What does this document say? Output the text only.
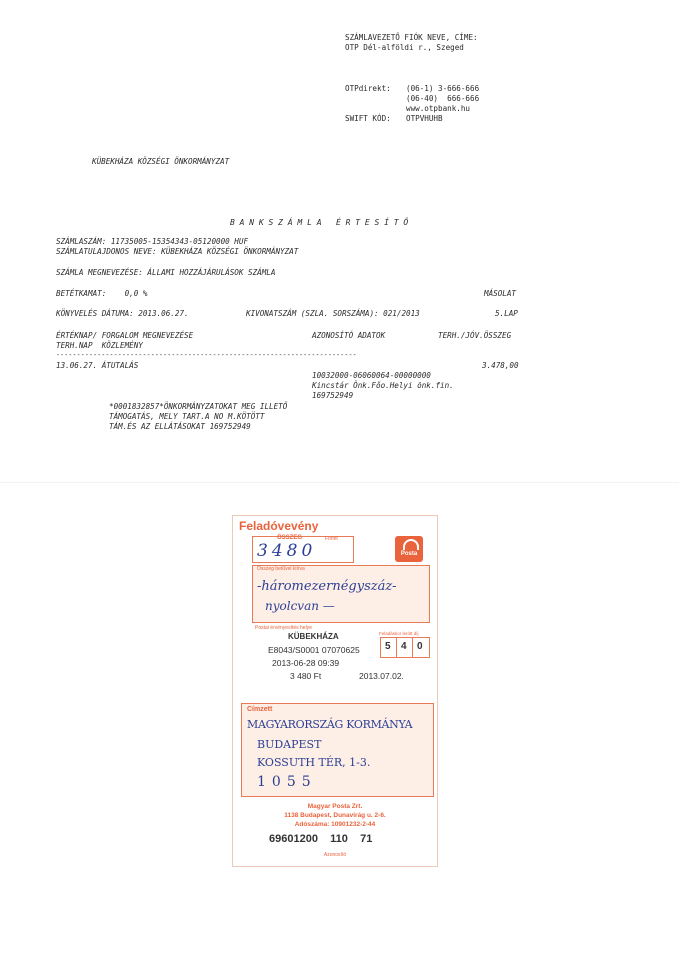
SZÁMLAVEZETŐ FIÓK NEVE, CÍME:
OTP Dél-alföldi r., Szeged
OTPdirekt: (06-1) 3-666-666
(06-40)  666-666
www.otpbank.hu
SWIFT KÓD: OTPVHUHB
KÜBEKHÁZA KÖZSÉGI ÖNKORMÁNYZAT
B A N K S Z Á M L A   É R T E S Í T Ő
SZÁMLASZÁM: 11735005-15354343-05120000 HUF
SZÁMLATULAJDONOS NEVE: KÜBEKHÁZA KÖZSÉGI ÖNKORMÁNYZAT
SZÁMLA MEGNEVEZÉSE: ÁLLAMI HOZZÁJÁRULÁSOK SZÁMLA
BETÉTKAMAT:    0,0 %	MÁSOLAT
KÖNYVELÉS DÁTUMA: 2013.06.27.	KIVONATSZÁM (SZLA. SORSZÁMA): 021/2013	5.LAP
ÉRTÉKNAP/ FORGALOM MEGNEVEZÉSE
TERH.NAP  KÖZLEMÉNY
AZONOSÍTÓ ADATOK	TERH./JÓV.ÖSSZEG
-------------------------------------------------------------------------
13.06.27. ÁTUTALÁS	3.478,00
10032000-06060064-00000000
Kincstár Önk.Főo.Helyi önk.fin.
169752949
*0001832857*ÖNKORMÁNYZATOKAT MEG ILLETŐ
TÁMOGATÁS, MELY TART.A NO M.KÖTÖTT
TÁM.ÉS AZ ELLÁTÁSOKAT 169752949
Feladóvevény
ÖSSZEG	Forint
3480	Posta
Összeg betűvel kiírva
-háromezernégyszáz-
nyolcvan —
Postai érvényesítés helye
KÜBEKHÁZA
E8043/S0001 07070625
2013-06-28 09:39
3 480 Ft	2013.07.02.
Feladáskor lerótt díj
5 4 0
Címzett
MAGYARORSZÁG KORMÁNYA
BUDAPEST
KOSSUTH TÉR, 1-3.
1055
Magyar Posta Zrt.
1138 Budapest, Dunavirág u. 2-6.
Adószáma: 10901232-2-44
69601200    110    71
Azonosító
